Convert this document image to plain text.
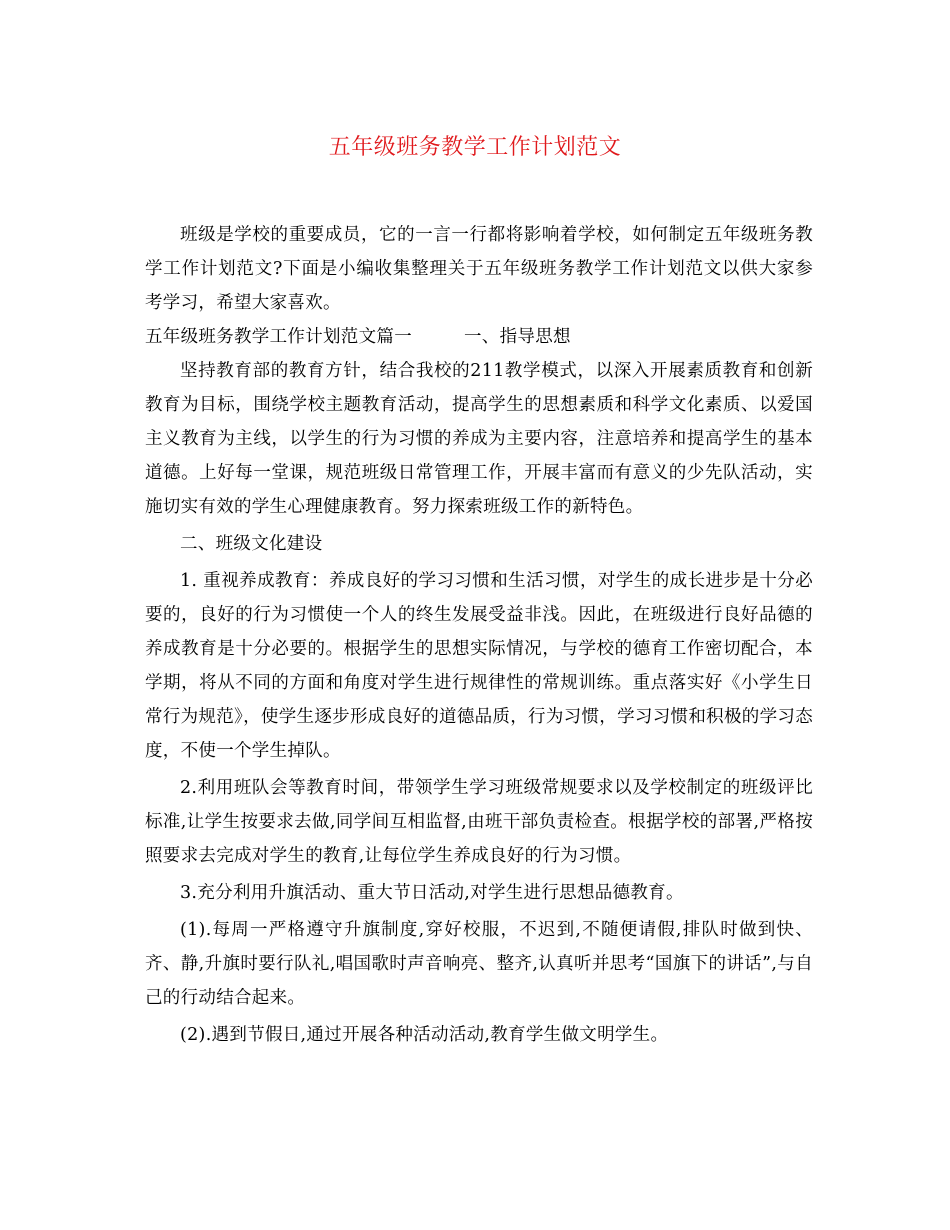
五年级班务教学工作计划范文

班级是学校的重要成员，它的一言一行都将影响着学校，如何制定五年级班务教学工作计划范文?下面是小编收集整理关于五年级班务教学工作计划范文以供大家参考学习，希望大家喜欢。

五年级班务教学工作计划范文篇一	一、指导思想

坚持教育部的教育方针，结合我校的211教学模式，以深入开展素质教育和创新教育为目标，围绕学校主题教育活动，提高学生的思想素质和科学文化素质、以爱国主义教育为主线，以学生的行为习惯的养成为主要内容，注意培养和提高学生的基本道德。上好每一堂课，规范班级日常管理工作，开展丰富而有意义的少先队活动，实施切实有效的学生心理健康教育。努力探索班级工作的新特色。

二、班级文化建设

1. 重视养成教育：养成良好的学习习惯和生活习惯，对学生的成长进步是十分必要的，良好的行为习惯使一个人的终生发展受益非浅。因此，在班级进行良好品德的养成教育是十分必要的。根据学生的思想实际情况，与学校的德育工作密切配合，本学期，将从不同的方面和角度对学生进行规律性的常规训练。重点落实好《小学生日常行为规范》，使学生逐步形成良好的道德品质，行为习惯，学习习惯和积极的学习态度，不使一个学生掉队。

2.利用班队会等教育时间，带领学生学习班级常规要求以及学校制定的班级评比标准,让学生按要求去做,同学间互相监督,由班干部负责检查。根据学校的部署,严格按照要求去完成对学生的教育,让每位学生养成良好的行为习惯。

3.充分利用升旗活动、重大节日活动,对学生进行思想品德教育。

(1).每周一严格遵守升旗制度,穿好校服，不迟到,不随便请假,排队时做到快、齐、静,升旗时要行队礼,唱国歌时声音响亮、整齐,认真听并思考“国旗下的讲话”,与自己的行动结合起来。

(2).遇到节假日,通过开展各种活动活动,教育学生做文明学生。
